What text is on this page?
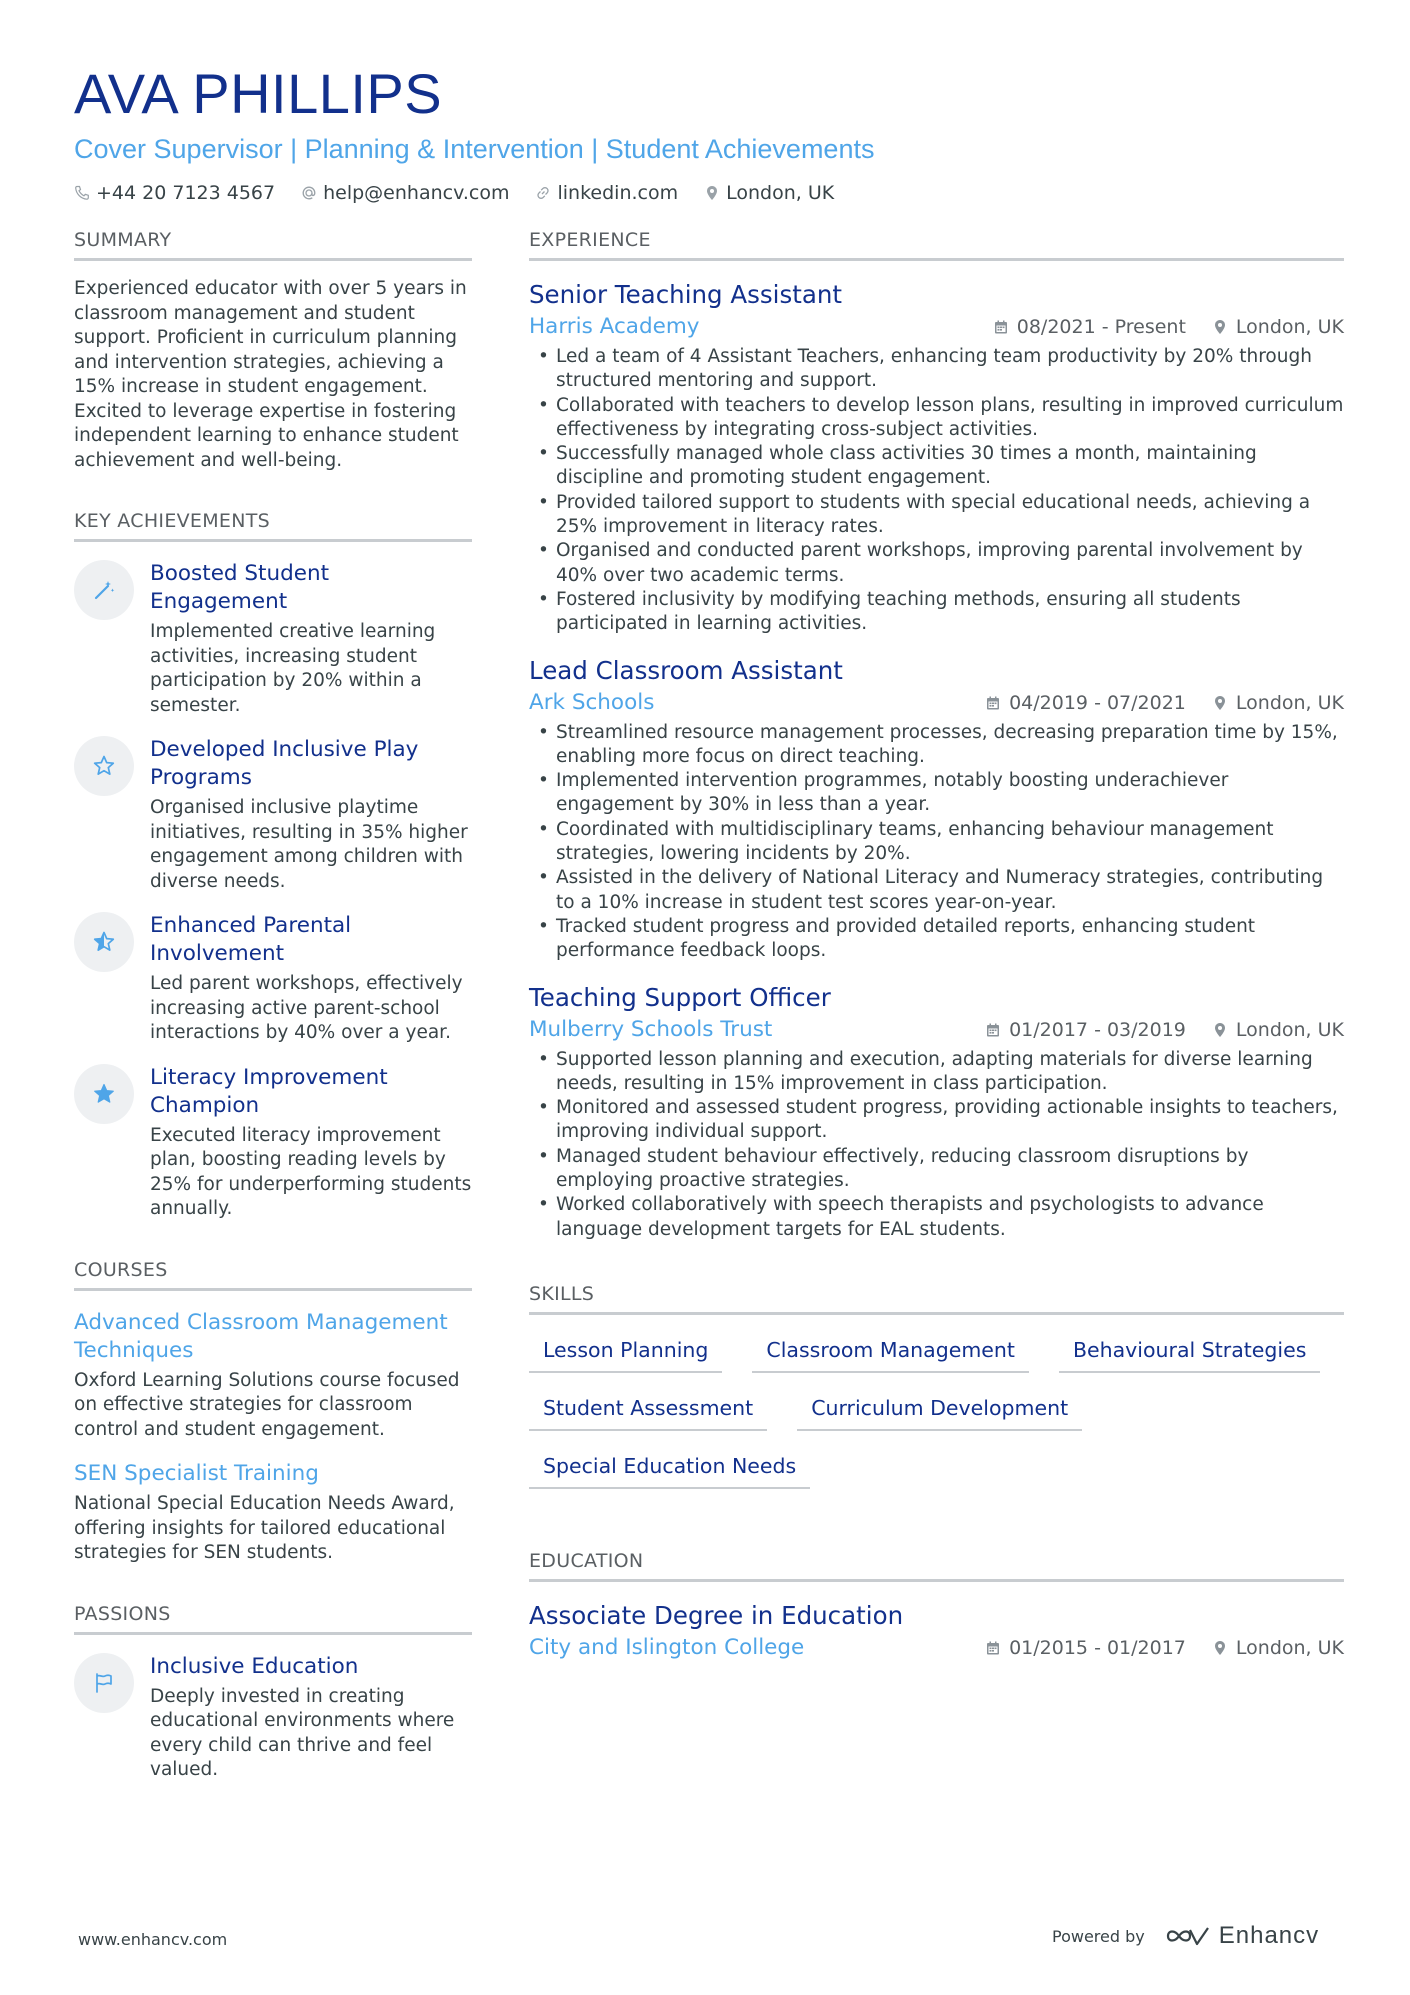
AVA PHILLIPS
Cover Supervisor | Planning & Intervention | Student Achievements
+44 20 7123 4567	help@enhancv.com	linkedin.com	London, UK
SUMMARY
Experienced educator with over 5 years in classroom management and student support. Proficient in curriculum planning and intervention strategies, achieving a 15% increase in student engagement. Excited to leverage expertise in fostering independent learning to enhance student achievement and well-being.
KEY ACHIEVEMENTS
Boosted Student Engagement
Implemented creative learning activities, increasing student participation by 20% within a semester.
Developed Inclusive Play Programs
Organised inclusive playtime initiatives, resulting in 35% higher engagement among children with diverse needs.
Enhanced Parental Involvement
Led parent workshops, effectively increasing active parent-school interactions by 40% over a year.
Literacy Improvement Champion
Executed literacy improvement plan, boosting reading levels by 25% for underperforming students annually.
COURSES
Advanced Classroom Management Techniques
Oxford Learning Solutions course focused on effective strategies for classroom control and student engagement.
SEN Specialist Training
National Special Education Needs Award, offering insights for tailored educational strategies for SEN students.
PASSIONS
Inclusive Education
Deeply invested in creating educational environments where every child can thrive and feel valued.
EXPERIENCE
Senior Teaching Assistant
Harris Academy	08/2021 - Present	London, UK
• Led a team of 4 Assistant Teachers, enhancing team productivity by 20% through structured mentoring and support.
• Collaborated with teachers to develop lesson plans, resulting in improved curriculum effectiveness by integrating cross-subject activities.
• Successfully managed whole class activities 30 times a month, maintaining discipline and promoting student engagement.
• Provided tailored support to students with special educational needs, achieving a 25% improvement in literacy rates.
• Organised and conducted parent workshops, improving parental involvement by 40% over two academic terms.
• Fostered inclusivity by modifying teaching methods, ensuring all students participated in learning activities.
Lead Classroom Assistant
Ark Schools	04/2019 - 07/2021	London, UK
• Streamlined resource management processes, decreasing preparation time by 15%, enabling more focus on direct teaching.
• Implemented intervention programmes, notably boosting underachiever engagement by 30% in less than a year.
• Coordinated with multidisciplinary teams, enhancing behaviour management strategies, lowering incidents by 20%.
• Assisted in the delivery of National Literacy and Numeracy strategies, contributing to a 10% increase in student test scores year-on-year.
• Tracked student progress and provided detailed reports, enhancing student performance feedback loops.
Teaching Support Officer
Mulberry Schools Trust	01/2017 - 03/2019	London, UK
• Supported lesson planning and execution, adapting materials for diverse learning needs, resulting in 15% improvement in class participation.
• Monitored and assessed student progress, providing actionable insights to teachers, improving individual support.
• Managed student behaviour effectively, reducing classroom disruptions by employing proactive strategies.
• Worked collaboratively with speech therapists and psychologists to advance language development targets for EAL students.
SKILLS
Lesson Planning	Classroom Management	Behavioural Strategies
Student Assessment	Curriculum Development
Special Education Needs
EDUCATION
Associate Degree in Education
City and Islington College	01/2015 - 01/2017	London, UK
www.enhancv.com	Powered by	Enhancv
